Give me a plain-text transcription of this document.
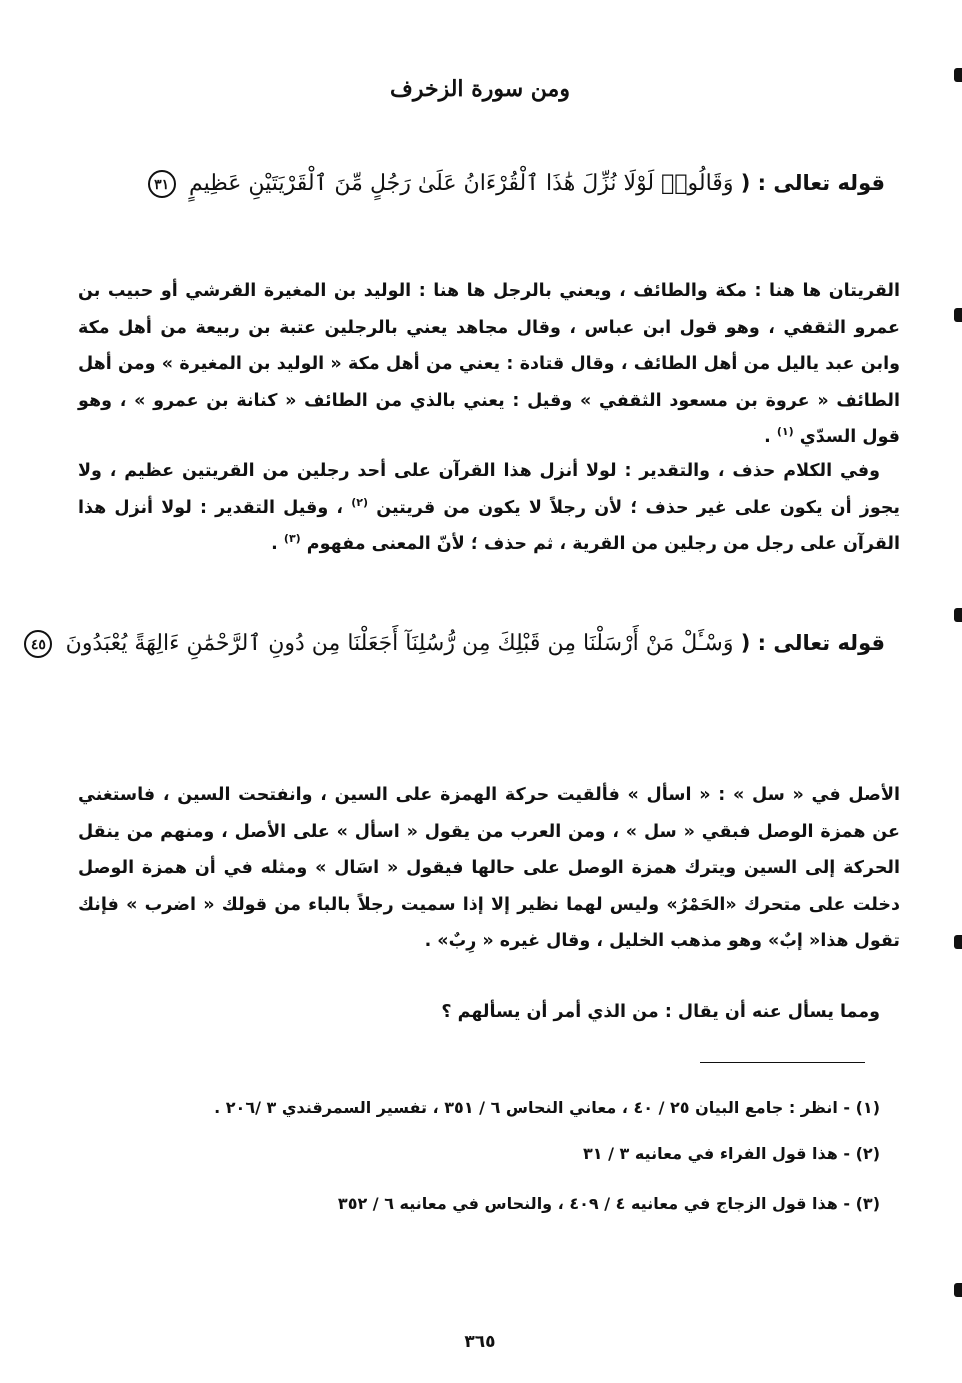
ومن سورة الزخرف
قوله تعالى : ( وَقَالُوا۟ لَوْلَا نُزِّلَ هَٰذَا ٱلْقُرْءَانُ عَلَىٰ رَجُلٍ مِّنَ ٱلْقَرْيَتَيْنِ عَظِيمٍ ٣١
القريتان ها هنا : مكة والطائف ، ويعني بالرجل ها هنا : الوليد بن المغيرة القرشي أو حبيب بن عمرو الثقفي ، وهو قول ابن عباس ، وقال مجاهد يعني بالرجلين عتبة بن ربيعة من أهل مكة وابن عبد ياليل من أهل الطائف ، وقال قتادة : يعني من أهل مكة « الوليد بن المغيرة » ومن أهل الطائف « عروة بن مسعود الثقفي » وقيل : يعني بالذي من الطائف « كنانة بن عمرو » ، وهو قول السدّي $^{(١)}$ .
وفي الكلام حذف ، والتقدير : لولا أنزل هذا القرآن على أحد رجلين من القريتين عظيم ، ولا يجوز أن يكون على غير حذف ؛ لأن رجلاً لا يكون من قريتين $^{(٢)}$ ، وقيل التقدير : لولا أنزل هذا القرآن على رجل من رجلين من القرية ، ثم حذف ؛ لأنّ المعنى مفهوم $^{(٣)}$ .
قوله تعالى : ( وَسْـَٔلْ مَنْ أَرْسَلْنَا مِن قَبْلِكَ مِن رُّسُلِنَآ أَجَعَلْنَا مِن دُونِ ٱلرَّحْمَٰنِ ءَالِهَةً يُعْبَدُونَ ٤٥
الأصل في « سل » : « اسأل » فألقيت حركة الهمزة على السين ، وانفتحت السين ، فاستغني عن همزة الوصل فبقي « سل » ، ومن العرب من يقول « اسأل » على الأصل ، ومنهم من ينقل الحركة إلى السين ويترك همزة الوصل على حالها فيقول « اسَال » ومثله في أن همزة الوصل دخلت على متحرك «الحَمْرُ» وليس لهما نظير إلا إذا سميت رجلاً بالباء من قولك « اضرب » فإنك تقول هذا« إبٌ» وهو مذهب الخليل ، وقال غيره « رِبٌ» .
ومما يسأل عنه أن يقال : من الذي أمر أن يسألهم ؟
(١) - انظر : جامع البيان ٢٥ / ٤٠ ، معاني النحاس ٦ / ٣٥١ ، تفسير السمرقندي ٣ /٢٠٦ .
(٢) - هذا قول الفراء في معانيه ٣ / ٣١
(٣) - هذا قول الزجاج في معانيه ٤ / ٤٠٩ ، والنحاس في معانيه ٦ / ٣٥٢
٣٦٥
